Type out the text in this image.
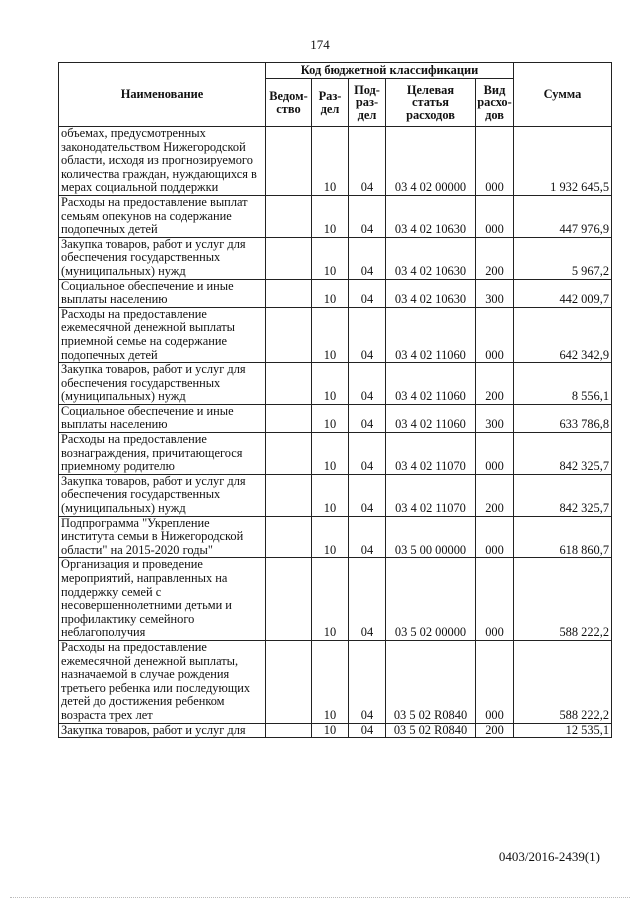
174
Наименование	Код бюджетной классификации					Сумма
	Ведом-ство	Раз-дел	Под-раз-дел	Целевая статья расходов	Вид расхо-дов	
объемах, предусмотренных законодательством Нижегородской области, исходя из прогнозируемого количества граждан, нуждающихся в мерах социальной поддержки		10	04	03 4 02 00000	000	1 932 645,5
Расходы на предоставление выплат семьям опекунов на содержание подопечных детей		10	04	03 4 02 10630	000	447 976,9
Закупка товаров, работ и услуг для обеспечения государственных (муниципальных) нужд		10	04	03 4 02 10630	200	5 967,2
Социальное обеспечение и иные выплаты населению		10	04	03 4 02 10630	300	442 009,7
Расходы на предоставление ежемесячной денежной выплаты приемной семье на содержание подопечных детей		10	04	03 4 02 11060	000	642 342,9
Закупка товаров, работ и услуг для обеспечения государственных (муниципальных) нужд		10	04	03 4 02 11060	200	8 556,1
Социальное обеспечение и иные выплаты населению		10	04	03 4 02 11060	300	633 786,8
Расходы на предоставление вознаграждения, причитающегося приемному родителю		10	04	03 4 02 11070	000	842 325,7
Закупка товаров, работ и услуг для обеспечения государственных (муниципальных) нужд		10	04	03 4 02 11070	200	842 325,7
Подпрограмма "Укрепление института семьи в Нижегородской области" на 2015-2020 годы"		10	04	03 5 00 00000	000	618 860,7
Организация и проведение мероприятий, направленных на поддержку семей с несовершеннолетними детьми и профилактику семейного неблагополучия		10	04	03 5 02 00000	000	588 222,2
Расходы на предоставление ежемесячной денежной выплаты, назначаемой в случае рождения третьего ребенка или последующих детей до достижения ребенком возраста трех лет		10	04	03 5 02 R0840	000	588 222,2
Закупка товаров, работ и услуг для		10	04	03 5 02 R0840	200	12 535,1
0403/2016-2439(1)
